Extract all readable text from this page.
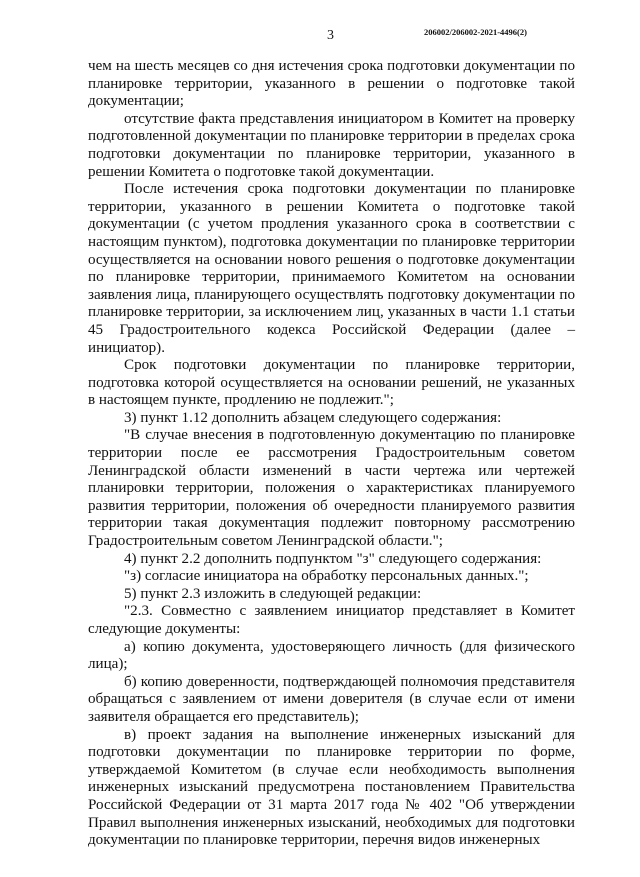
3	206002/206002-2021-4496(2)

чем на шесть месяцев со дня истечения срока подготовки документации по планировке территории, указанного в решении о подготовке такой документации;

отсутствие факта представления инициатором в Комитет на проверку подготовленной документации по планировке территории в пределах срока подготовки документации по планировке территории, указанного в решении Комитета о подготовке такой документации.

После истечения срока подготовки документации по планировке территории, указанного в решении Комитета о подготовке такой документации (с учетом продления указанного срока в соответствии с настоящим пунктом), подготовка документации по планировке территории осуществляется на основании нового решения о подготовке документации по планировке территории, принимаемого Комитетом на основании заявления лица, планирующего осуществлять подготовку документации по планировке территории, за исключением лиц, указанных в части 1.1 статьи 45 Градостроительного кодекса Российской Федерации (далее – инициатор).

Срок подготовки документации по планировке территории, подготовка которой осуществляется на основании решений, не указанных в настоящем пункте, продлению не подлежит.";

3) пункт 1.12 дополнить абзацем следующего содержания:

"В случае внесения в подготовленную документацию по планировке территории после ее рассмотрения Градостроительным советом Ленинградской области изменений в части чертежа или чертежей планировки территории, положения о характеристиках планируемого развития территории, положения об очередности планируемого развития территории такая документация подлежит повторному рассмотрению Градостроительным советом Ленинградской области.";

4) пункт 2.2 дополнить подпунктом "з" следующего содержания:

"з) согласие инициатора на обработку персональных данных.";

5) пункт 2.3 изложить в следующей редакции:

"2.3. Совместно с заявлением инициатор представляет в Комитет следующие документы:

а) копию документа, удостоверяющего личность (для физического лица);

б) копию доверенности, подтверждающей полномочия представителя обращаться с заявлением от имени доверителя (в случае если от имени заявителя обращается его представитель);

в) проект задания на выполнение инженерных изысканий для подготовки документации по планировке территории по форме, утверждаемой Комитетом (в случае если необходимость выполнения инженерных изысканий предусмотрена постановлением Правительства Российской Федерации от 31 марта 2017 года № 402 "Об утверждении Правил выполнения инженерных изысканий, необходимых для подготовки документации по планировке территории, перечня видов инженерных
